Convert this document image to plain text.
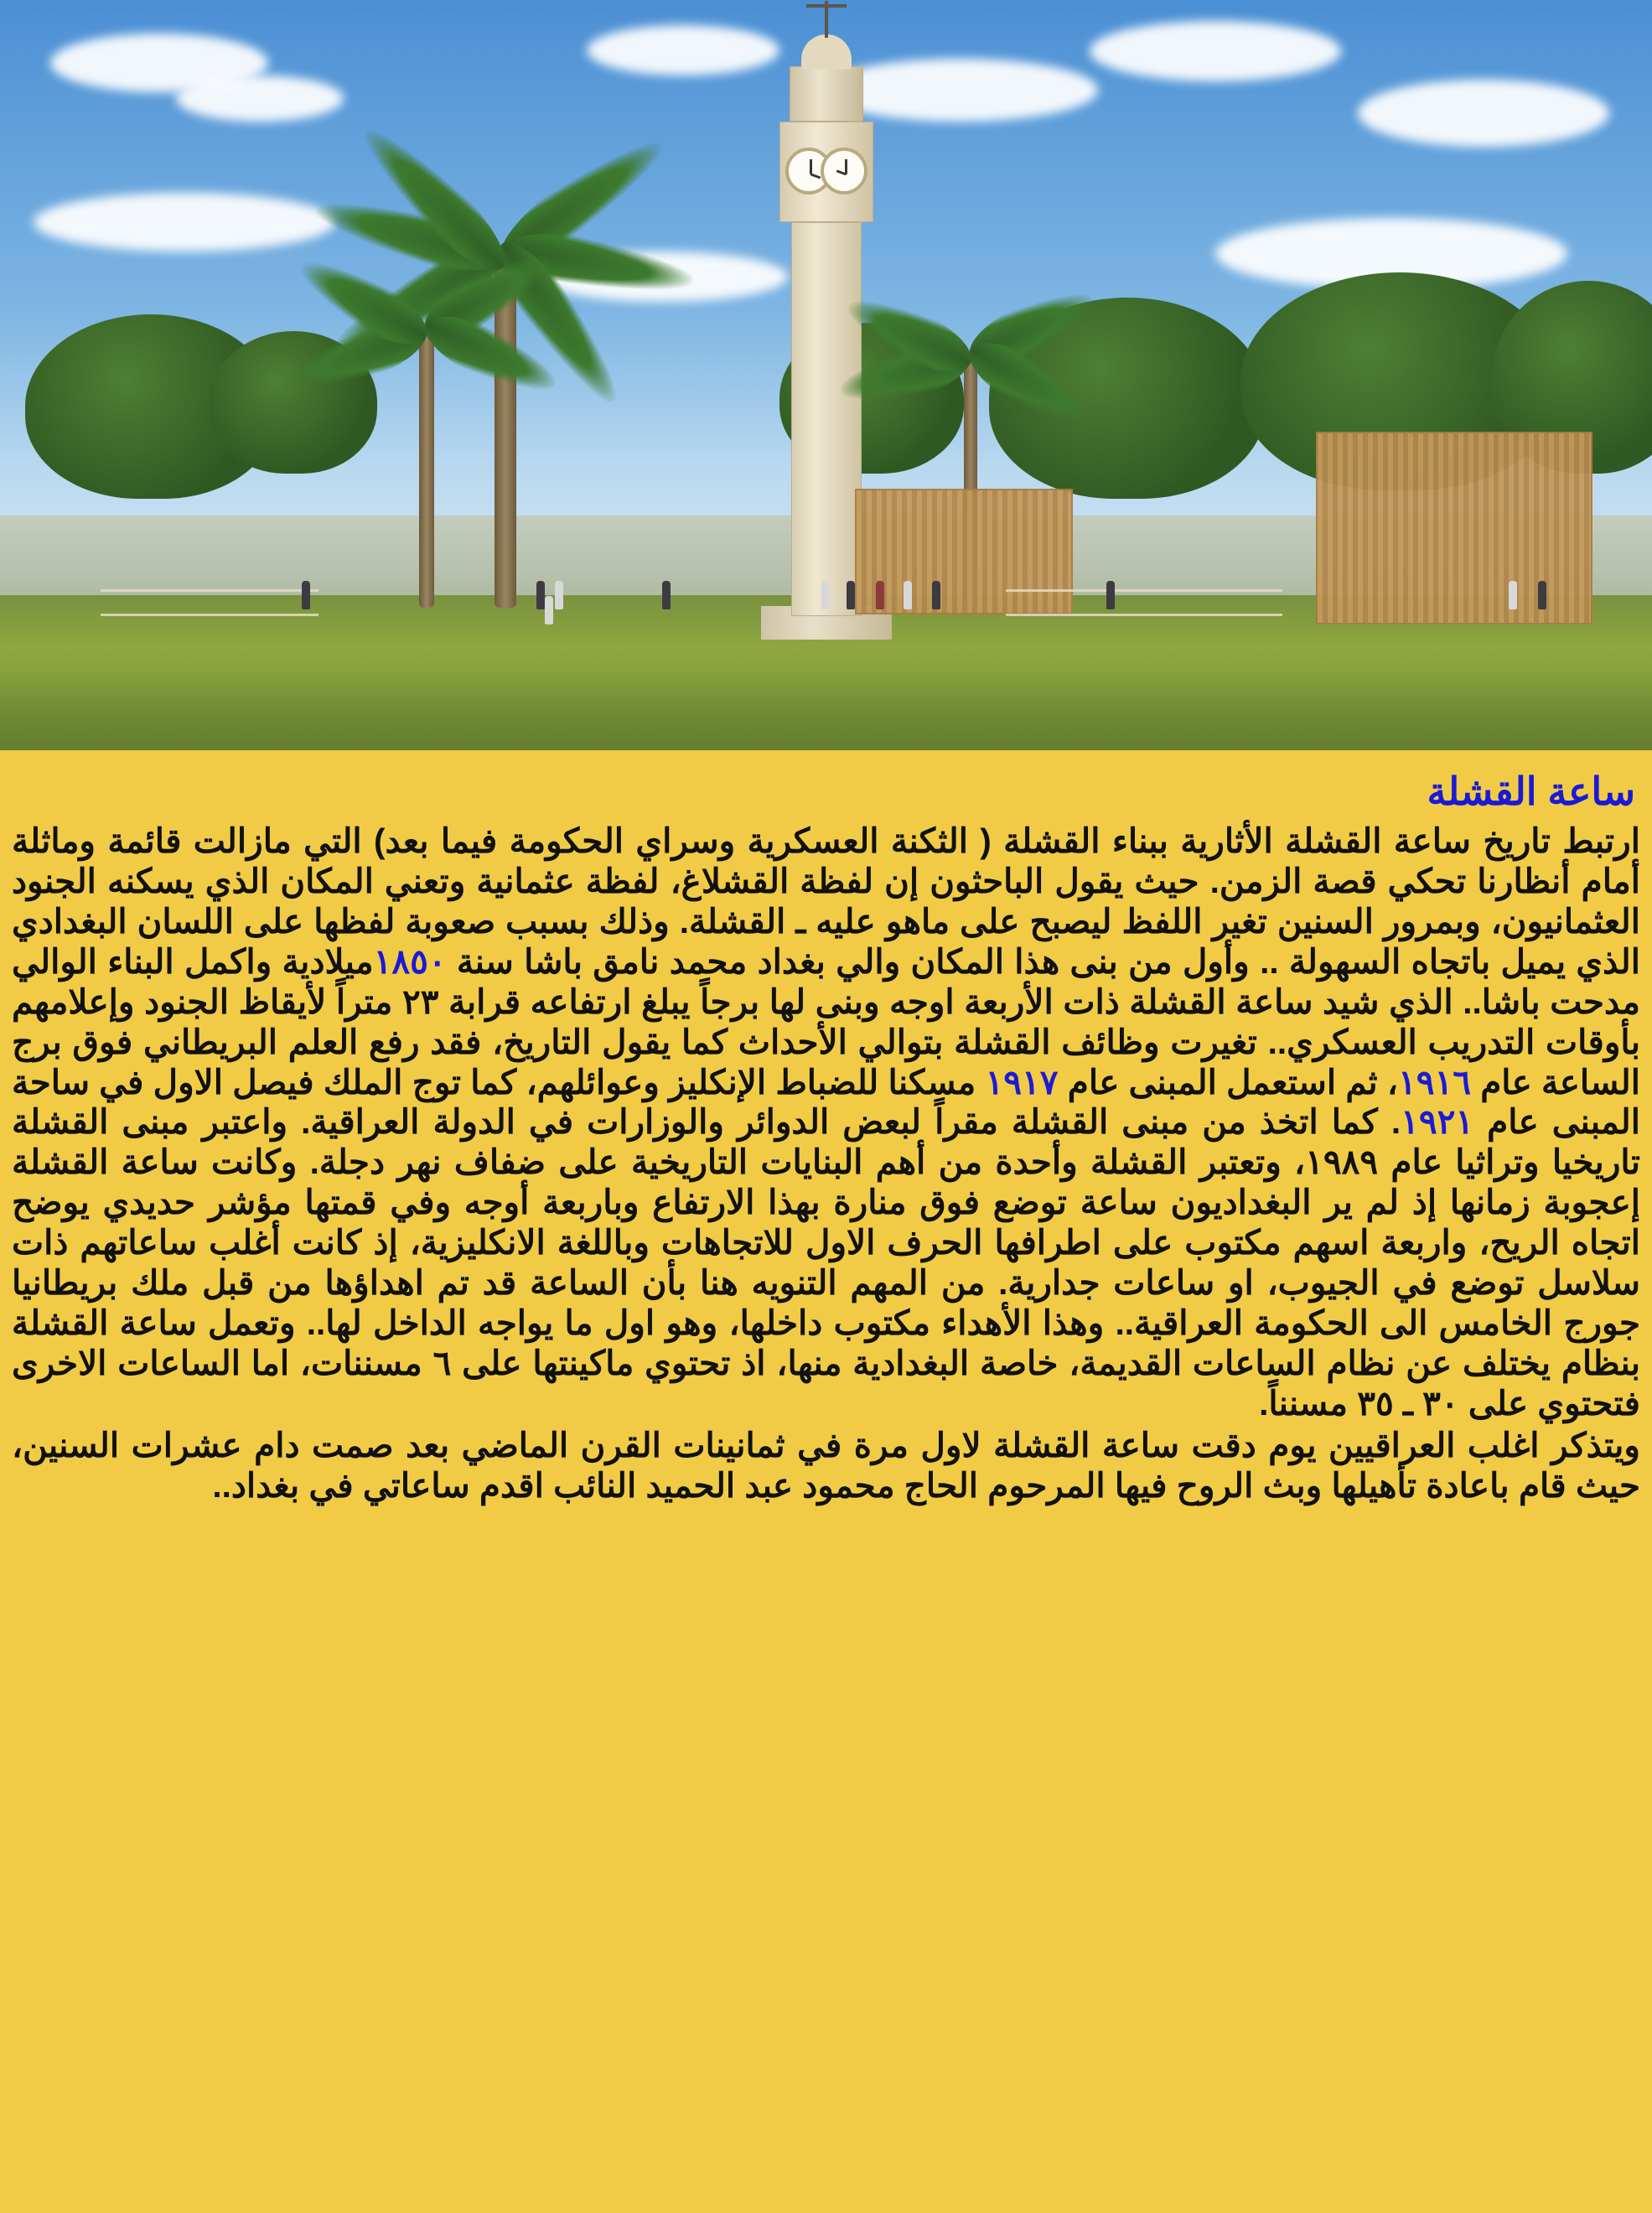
ساعة القشلة

ارتبط تاريخ ساعة القشلة الأثارية ببناء القشلة ( الثكنة العسكرية وسراي الحكومة فيما بعد) التي مازالت قائمة وماثلة أمام أنظارنا تحكي قصة الزمن. حيث يقول الباحثون إن لفظة القشلاغ، لفظة عثمانية وتعني المكان الذي يسكنه الجنود العثمانيون، وبمرور السنين تغير اللفظ ليصبح على ماهو عليه ـ القشلة. وذلك بسبب صعوبة لفظها على اللسان البغدادي الذي يميل باتجاه السهولة .. وأول من بنى هذا المكان والي بغداد محمد نامق باشا سنة ١٨٥٠ميلادية واكمل البناء الوالي مدحت باشا.. الذي شيد ساعة القشلة ذات الأربعة اوجه وبنى لها برجاً يبلغ ارتفاعه قرابة ٢٣ متراً لأيقاظ الجنود وإعلامهم بأوقات التدريب العسكري.. تغيرت وظائف القشلة بتوالي الأحداث كما يقول التاريخ، فقد رفع العلم البريطاني فوق برج الساعة عام ١٩١٦، ثم استعمل المبنى عام ١٩١٧ مسكنا للضباط الإنكليز وعوائلهم، كما توج الملك فيصل الاول في ساحة المبنى عام ١٩٢١. كما اتخذ من مبنى القشلة مقراً لبعض الدوائر والوزارات في الدولة العراقية. واعتبر مبنى القشلة تاريخيا وتراثيا عام ١٩٨٩، وتعتبر القشلة وأحدة من أهم البنايات التاريخية على ضفاف نهر دجلة. وكانت ساعة القشلة إعجوبة زمانها إذ لم ير البغداديون ساعة توضع فوق منارة بهذا الارتفاع وباربعة أوجه وفي قمتها مؤشر حديدي يوضح اتجاه الريح، واربعة اسهم مكتوب على اطرافها الحرف الاول للاتجاهات وباللغة الانكليزية، إذ كانت أغلب ساعاتهم ذات سلاسل توضع في الجيوب، او ساعات جدارية. من المهم التنويه هنا بأن الساعة قد تم اهداؤها من قبل ملك بريطانيا جورج الخامس الى الحكومة العراقية.. وهذا الأهداء مكتوب داخلها، وهو اول ما يواجه الداخل لها.. وتعمل ساعة القشلة بنظام يختلف عن نظام الساعات القديمة، خاصة البغدادية منها، اذ تحتوي ماكينتها على ٦ مسننات، اما الساعات الاخرى فتحتوي على ٣٠ ـ ٣٥ مسنناً.

ويتذكر اغلب العراقيين يوم دقت ساعة القشلة لاول مرة في ثمانينات القرن الماضي بعد صمت دام عشرات السنين، حيث قام باعادة تأهيلها وبث الروح فيها المرحوم الحاج محمود عبد الحميد النائب اقدم ساعاتي في بغداد..
